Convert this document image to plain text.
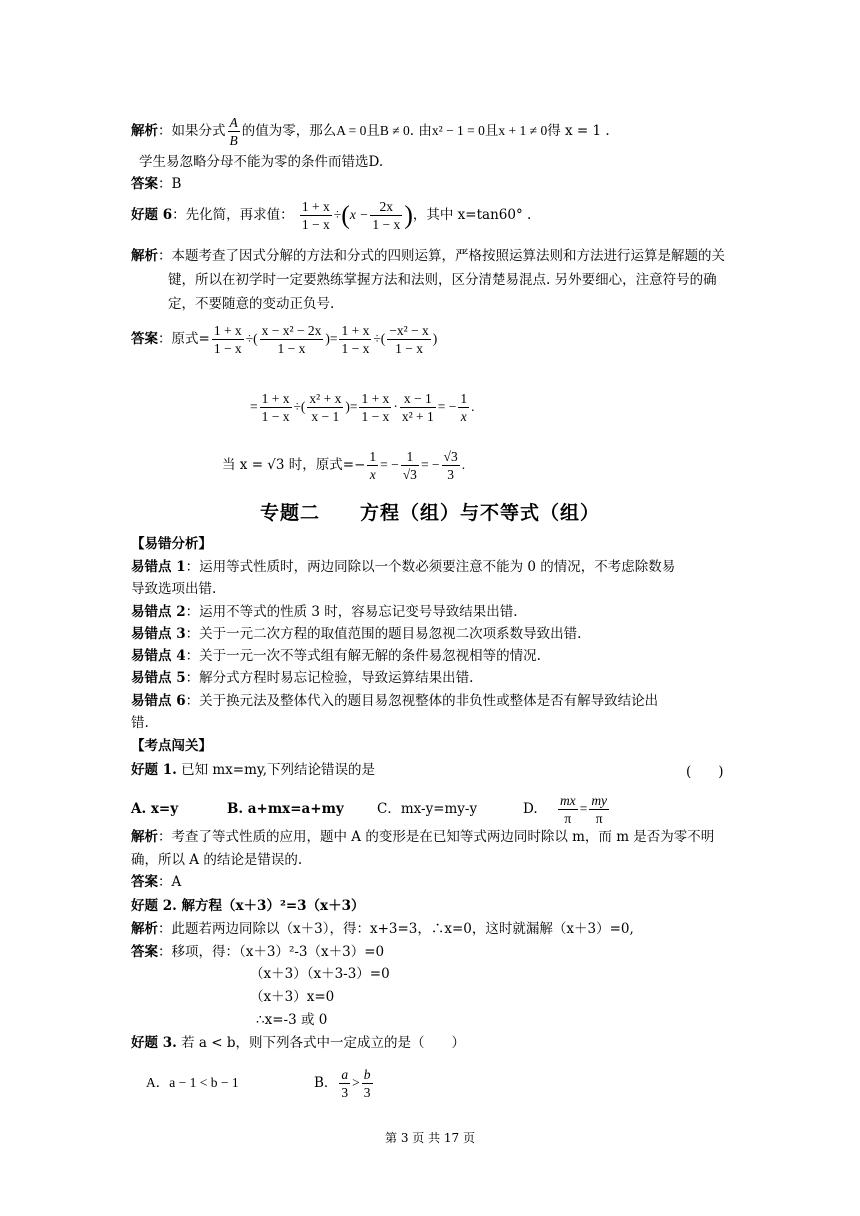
解析：如果分式 $\frac{A}{B}$ 的值为零，那么A = 0且B ≠ 0. 由x² − 1 = 0且x + 1 ≠ 0得 x = 1 .
学生易忽略分母不能为零的条件而错选D.
答案：B
好题 6：先化简，再求值： $\frac{1 + x}{1 - x} \div(x - \frac{2x}{1 - x}$ )，其中 x=tan60° .
解析：本题考查了因式分解的方法和分式的四则运算，严格按照运算法则和方法进行运算是解题的关键，所以在初学时一定要熟练掌握方法和法则，区分清楚易混点. 另外要细心，注意符号的确定，不要随意的变动正负号.
答案：原式= $\frac{1 + x}{1 - x}$ ÷( $\frac{\text{x − x² − 2x}}{1 - x}$ )= $\frac{1 + x}{1 - x}$ ÷( $\frac{\text{−x² − x}}{1 - x}$ )
= $\frac{1 + x}{1 - x}$ ÷( $\frac{\text{x² + x}}{x - 1}$ )= $\frac{1 + x}{1 - x} \cdot \frac{x - 1}{\text{x² + 1}}$ = − $\frac{1}{x}$ .
当 x = √3 时，原式=− $\frac{1}{x}$ = − $\frac{1}{√3}$ = − $\frac{√3}{3}$ .
专题二　　方程（组）与不等式（组）
【易错分析】
易错点 1：运用等式性质时，两边同除以一个数必须要注意不能为 0 的情况，不考虑除数易
导致选项出错.
易错点 2：运用不等式的性质 3 时，容易忘记变号导致结果出错.
易错点 3：关于一元二次方程的取值范围的题目易忽视二次项系数导致出错.
易错点 4：关于一元一次不等式组有解无解的条件易忽视相等的情况.
易错点 5：解分式方程时易忘记检验，导致运算结果出错.
易错点 6：关于换元法及整体代入的题目易忽视整体的非负性或整体是否有解导致结论出
错.
【考点闯关】
好题 1. 已知 mx=my,下列结论错误的是	(　　)
A. x=y	B. a+mx=a+my C．mx-y=my-y	D. $\frac{mx}{\pi} = \frac{my}{\pi}$
解析：考查了等式性质的应用，题中 A 的变形是在已知等式两边同时除以 m，而 m 是否为零不明确，所以 A 的结论是错误的.
答案：A
好题 2. 解方程（x＋3）²=3（x＋3）
解析：此题若两边同除以（x＋3），得：x+3=3，∴x=0，这时就漏解（x＋3）=0,
答案：移项，得：（x＋3）²-3（x＋3）=0
（x＋3）（x＋3-3）=0
（x＋3）x=0
∴x=-3 或 0
好题 3. 若 a < b，则下列各式中一定成立的是（　　）
A．a − 1 < b − 1	B． $\frac{a}{3} > \frac{b}{3}$
第 3 页 共 17 页
